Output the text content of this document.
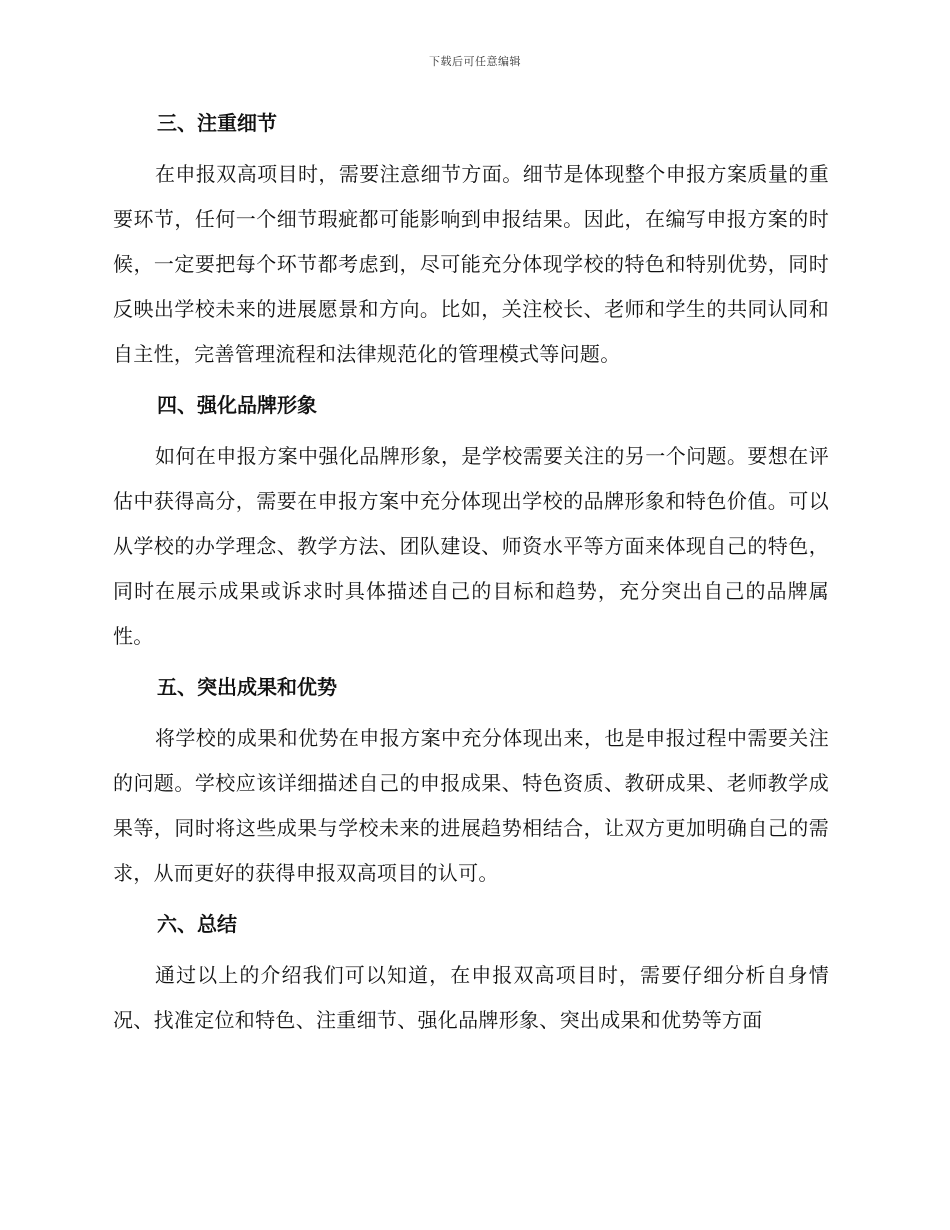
下载后可任意编辑
三、注重细节

在申报双高项目时，需要注意细节方面。细节是体现整个申报方案质量的重要环节，任何一个细节瑕疵都可能影响到申报结果。因此，在编写申报方案的时候，一定要把每个环节都考虑到，尽可能充分体现学校的特色和特别优势，同时反映出学校未来的进展愿景和方向。比如，关注校长、老师和学生的共同认同和自主性，完善管理流程和法律规范化的管理模式等问题。

四、强化品牌形象

如何在申报方案中强化品牌形象，是学校需要关注的另一个问题。要想在评估中获得高分，需要在申报方案中充分体现出学校的品牌形象和特色价值。可以从学校的办学理念、教学方法、团队建设、师资水平等方面来体现自己的特色，同时在展示成果或诉求时具体描述自己的目标和趋势，充分突出自己的品牌属性。

五、突出成果和优势

将学校的成果和优势在申报方案中充分体现出来，也是申报过程中需要关注的问题。学校应该详细描述自己的申报成果、特色资质、教研成果、老师教学成果等，同时将这些成果与学校未来的进展趋势相结合，让双方更加明确自己的需求，从而更好的获得申报双高项目的认可。

六、总结

通过以上的介绍我们可以知道，在申报双高项目时，需要仔细分析自身情况、找准定位和特色、注重细节、强化品牌形象、突出成果和优势等方面
